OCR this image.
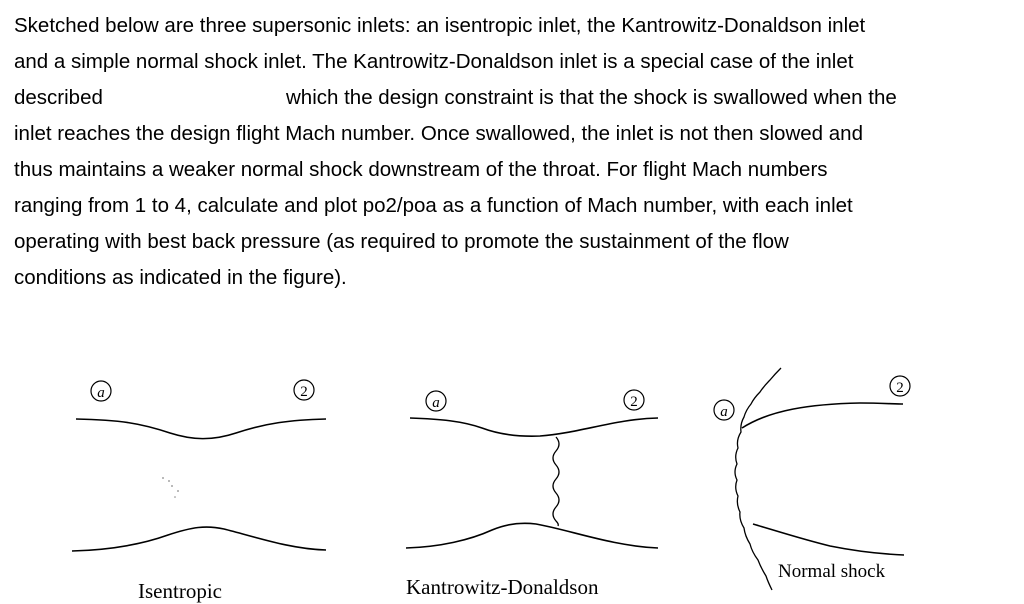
Sketched below are three supersonic inlets: an isentropic inlet, the Kantrowitz-Donaldson inlet
and a simple normal shock inlet. The Kantrowitz-Donaldson inlet is a special case of the inlet
described	which the design constraint is that the shock is swallowed when the
inlet reaches the design flight Mach number. Once swallowed, the inlet is not then slowed and
thus maintains a weaker normal shock downstream of the throat. For flight Mach numbers
ranging from 1 to 4, calculate and plot po2/poa as a function of Mach number, with each inlet
operating with best back pressure (as required to promote the sustainment of the flow
conditions as indicated in the figure).
a	2
Isentropic
a	2
Kantrowitz-Donaldson
a
2
Normal shock
